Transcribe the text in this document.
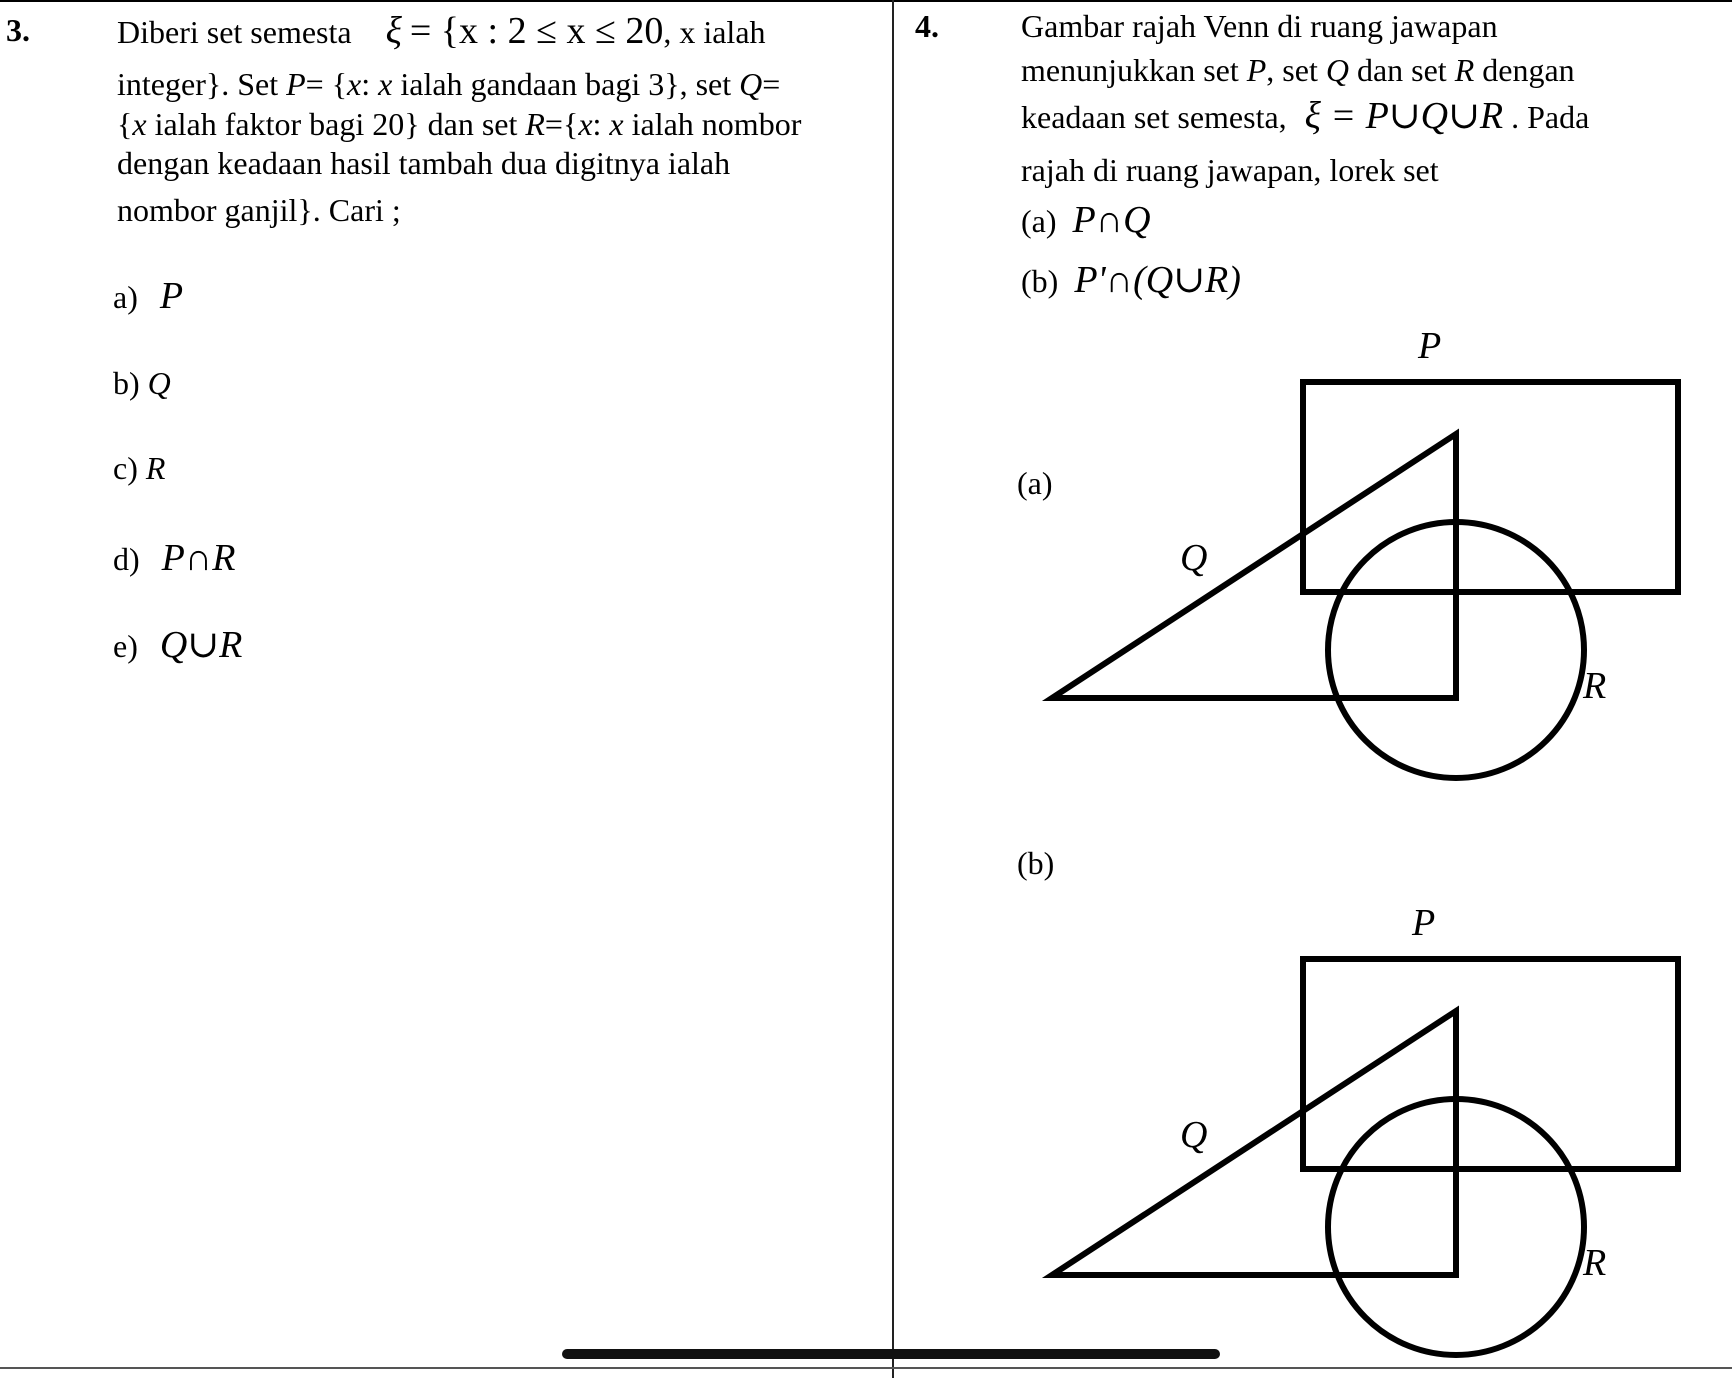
3.	Diberi set semesta ξ = {x : 2 ≤ x ≤ 20, x ialah
integer}. Set P= {x: x ialah gandaan bagi 3}, set Q=
{x ialah faktor bagi 20} dan set R={x: x ialah nombor
dengan keadaan hasil tambah dua digitnya ialah
nombor ganjil}. Cari ;
a) P
b) Q
c) R
d) P∩R
e) Q∪R
4.	Gambar rajah Venn di ruang jawapan
menunjukkan set P, set Q dan set R dengan
keadaan set semesta, ξ = P∪Q∪R . Pada
rajah di ruang jawapan, lorek set
(a) P∩Q
(b) P'∩(Q∪R)
(a)
(b)
P
Q
R
P
Q
R
